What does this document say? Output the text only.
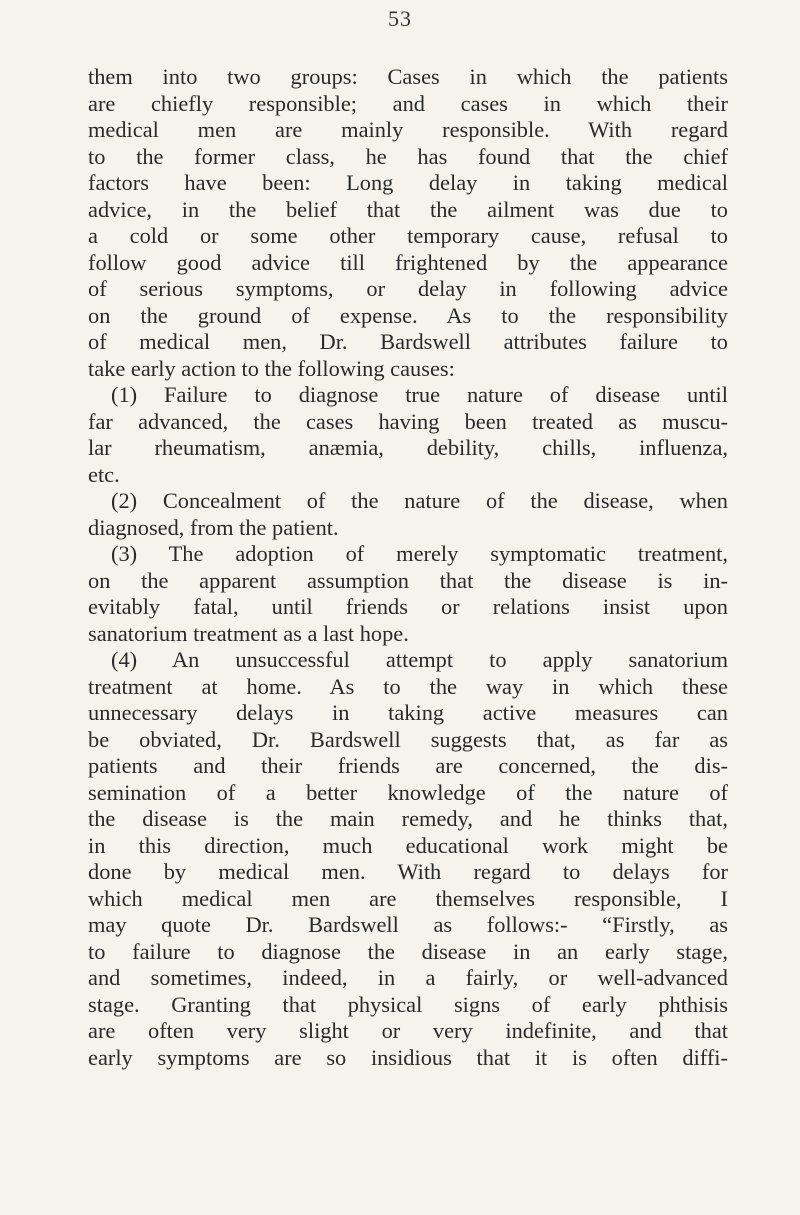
53
them into two groups: Cases in which the patients
are chiefly responsible; and cases in which their
medical men are mainly responsible. With regard
to the former class, he has found that the chief
factors have been: Long delay in taking medical
advice, in the belief that the ailment was due to
a cold or some other temporary cause, refusal to
follow good advice till frightened by the appearance
of serious symptoms, or delay in following advice
on the ground of expense. As to the responsibility
of medical men, Dr. Bardswell attributes failure to
take early action to the following causes:
(1) Failure to diagnose true nature of disease until
far advanced, the cases having been treated as muscu-
lar rheumatism, anæmia, debility, chills, influenza,
etc.
(2) Concealment of the nature of the disease, when
diagnosed, from the patient.
(3) The adoption of merely symptomatic treatment,
on the apparent assumption that the disease is in-
evitably fatal, until friends or relations insist upon
sanatorium treatment as a last hope.
(4) An unsuccessful attempt to apply sanatorium
treatment at home. As to the way in which these
unnecessary delays in taking active measures can
be obviated, Dr. Bardswell suggests that, as far as
patients and their friends are concerned, the dis-
semination of a better knowledge of the nature of
the disease is the main remedy, and he thinks that,
in this direction, much educational work might be
done by medical men. With regard to delays for
which medical men are themselves responsible, I
may quote Dr. Bardswell as follows:- “Firstly, as
to failure to diagnose the disease in an early stage,
and sometimes, indeed, in a fairly, or well-advanced
stage. Granting that physical signs of early phthisis
are often very slight or very indefinite, and that
early symptoms are so insidious that it is often diffi-
